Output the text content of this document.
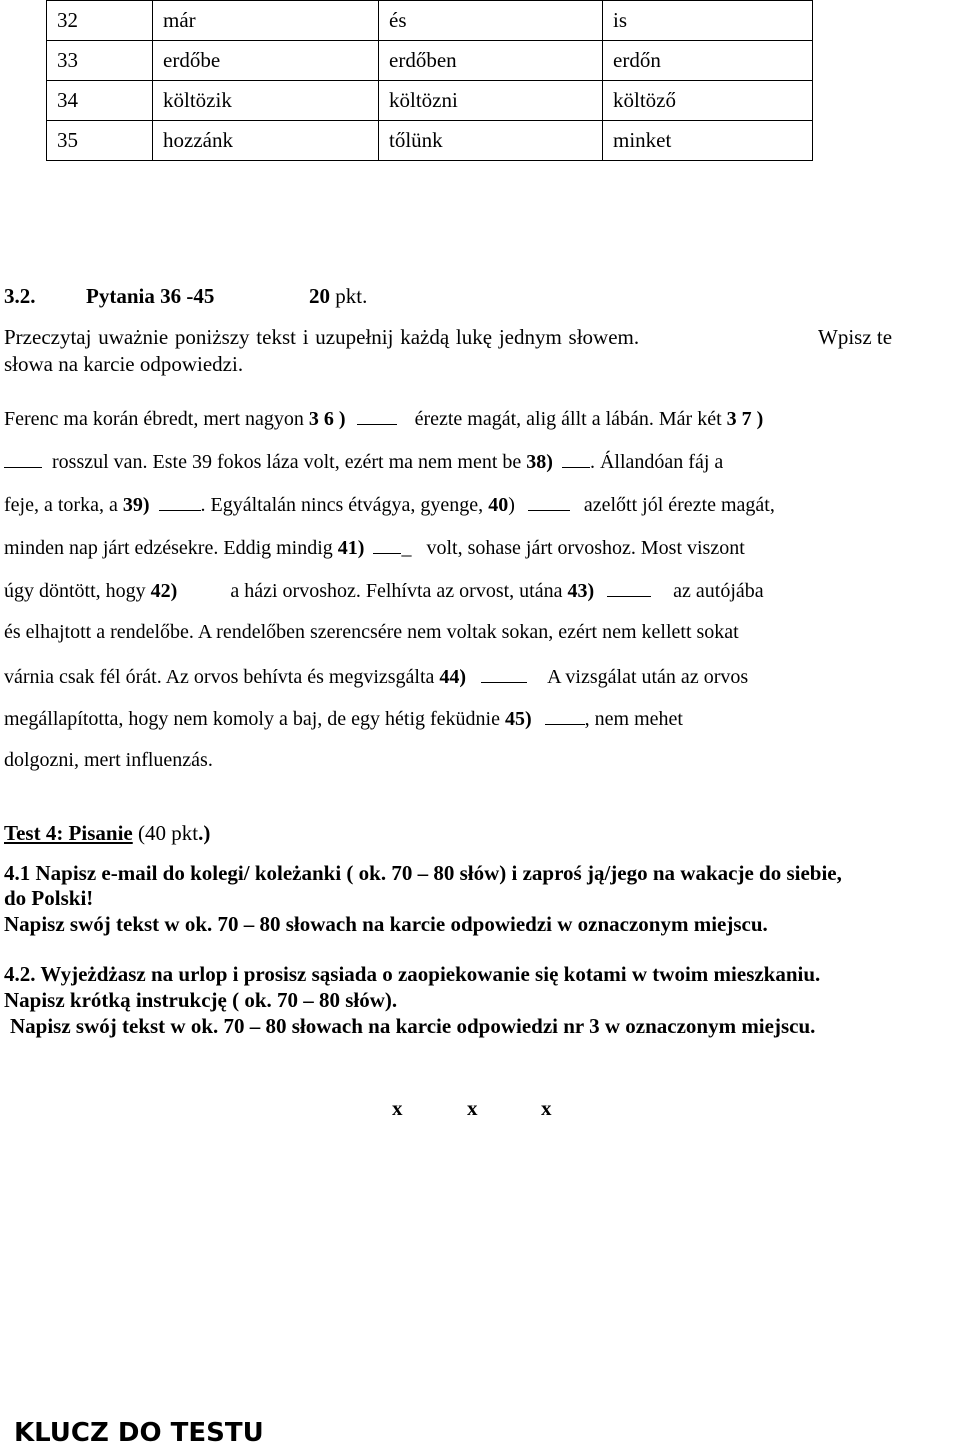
32	már	és	is
33	erdőbe	erdőben	erdőn
34	költözik	költözni	költöző
35	hozzánk	tőlünk	minket
3.2. Pytania 36 -45	20 pkt.
Przeczytaj uważnie poniższy tekst i uzupełnij każdą lukę jednym słowem.	Wpisz te
słowa na karcie odpowiedzi.
Ferenc ma korán ébredt, mert nagyon 3 6 )	érezte magát, alig állt a lábán. Már két 3 7 )
rosszul van. Este 39 fokos láza volt, ezért ma nem ment be 38) . Állandóan fáj a
feje, a torka, a 39)	. Egyáltalán nincs étvágya, gyenge, 40)	azelőtt jól érezte magát,
minden nap járt edzésekre. Eddig mindig 41) _ volt, sohase járt orvoshoz. Most viszont
úgy döntött, hogy 42)	a házi orvoshoz. Felhívta az orvost, utána 43)	az autójába
és elhajtott a rendelőbe. A rendelőben szerencsére nem voltak sokan, ezért nem kellett sokat
várnia csak fél órát. Az orvos behívta és megvizsgálta 44)	A vizsgálat után az orvos
megállapította, hogy nem komoly a baj, de egy hétig feküdnie 45)	, nem mehet
dolgozni, mert influenzás.
Test 4: Pisanie (40 pkt.)
4.1 Napisz e-mail do kolegi/ koleżanki ( ok. 70 – 80 słów) i zaproś ją/jego na wakacje do siebie,
do Polski!
Napisz swój tekst w ok. 70 – 80 słowach na karcie odpowiedzi w oznaczonym miejscu.
4.2. Wyjeżdżasz na urlop i prosisz sąsiada o zaopiekowanie się kotami w twoim mieszkaniu.
Napisz krótką instrukcję ( ok. 70 – 80 słów).
Napisz swój tekst w ok. 70 – 80 słowach na karcie odpowiedzi nr 3 w oznaczonym miejscu.
x	x	x
KLUCZ DO TESTU
